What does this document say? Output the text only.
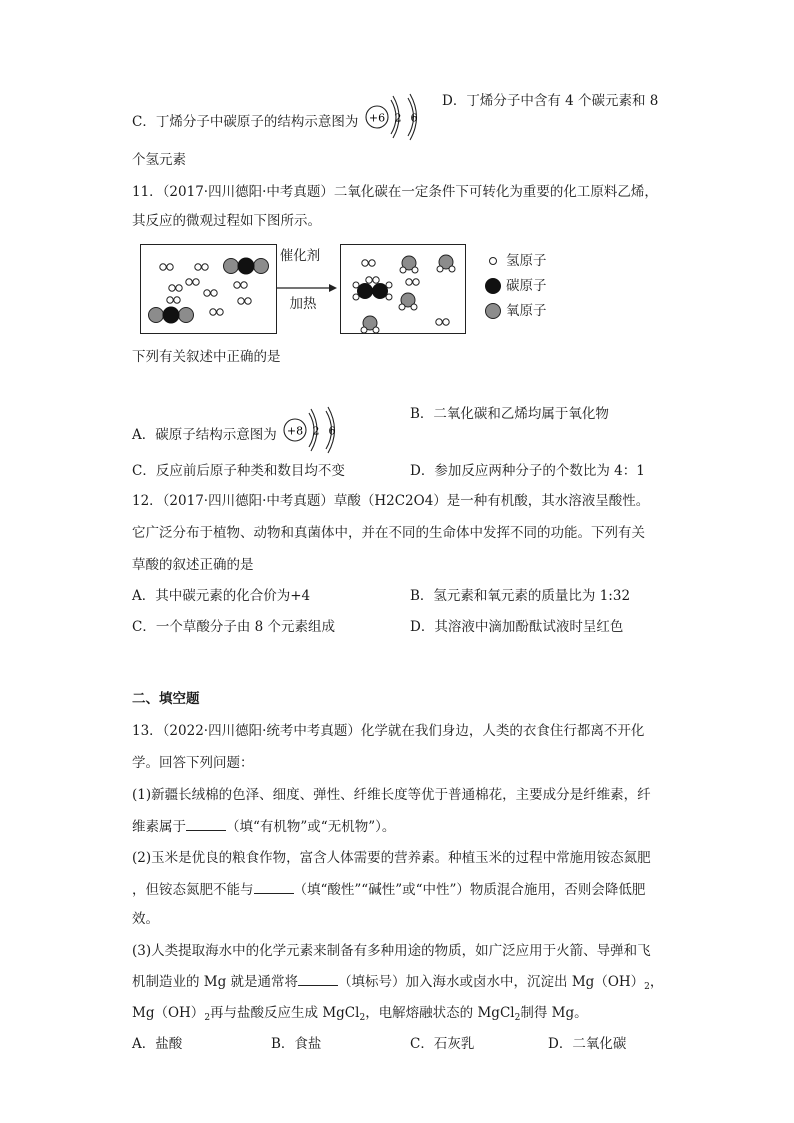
C．丁烯分子中碳原子的结构示意图为 +6 2 6
D．丁烯分子中含有 4 个碳元素和 8
个氢元素
11．（2017·四川德阳·中考真题）二氧化碳在一定条件下可转化为重要的化工原料乙烯，
其反应的微观过程如下图所示。
催化剂
加热
氢原子
碳原子
氧原子
下列有关叙述中正确的是
A．碳原子结构示意图为 +8 2 6
B．二氧化碳和乙烯均属于氧化物
C．反应前后原子种类和数目均不变	D．参加反应两种分子的个数比为 4：1
12．（2017·四川德阳·中考真题）草酸（H2C2O4）是一种有机酸，其水溶液呈酸性。
它广泛分布于植物、动物和真菌体中，并在不同的生命体中发挥不同的功能。下列有关
草酸的叙述正确的是
A．其中碳元素的化合价为+4	B．氢元素和氧元素的质量比为 1:32
C．一个草酸分子由 8 个元素组成	D．其溶液中滴加酚酞试液时呈红色
二、填空题
13．（2022·四川德阳·统考中考真题）化学就在我们身边，人类的衣食住行都离不开化
学。回答下列问题：
(1)新疆长绒棉的色泽、细度、弹性、纤维长度等优于普通棉花，主要成分是纤维素，纤
维素属于	（填“有机物”或“无机物”）。
(2)玉米是优良的粮食作物，富含人体需要的营养素。种植玉米的过程中常施用铵态氮肥
，但铵态氮肥不能与	（填“酸性”“碱性”或“中性”）物质混合施用，否则会降低肥
效。
(3)人类提取海水中的化学元素来制备有多种用途的物质，如广泛应用于火箭、导弹和飞
机制造业的 Mg 就是通常将	（填标号）加入海水或卤水中，沉淀出 $Mg(OH)_2$，
$Mg(OH)_2$再与盐酸反应生成 MgCl$_2$，电解熔融状态的 MgCl$_2$制得 Mg。
A．盐酸	B．食盐	C．石灰乳	D．二氧化碳
